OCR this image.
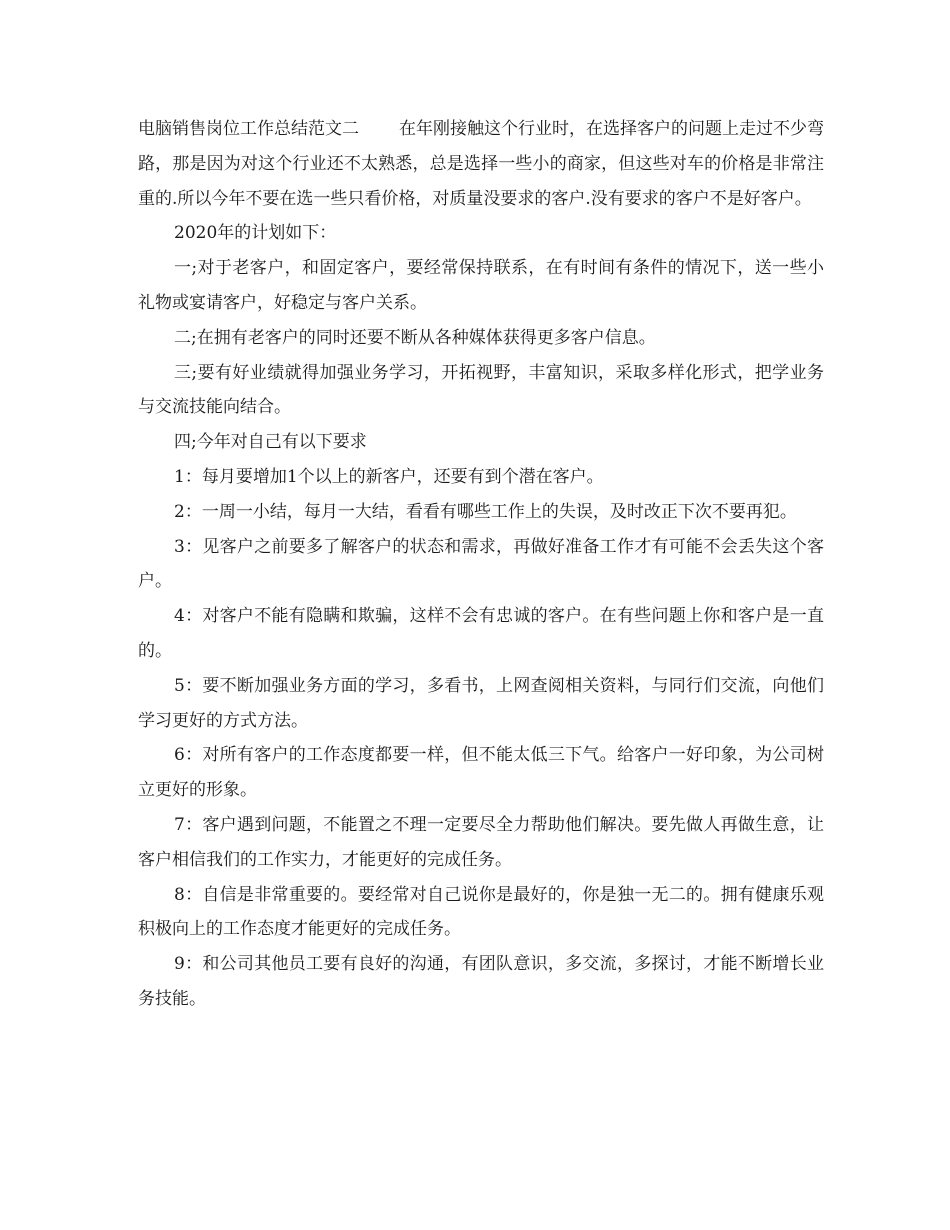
电脑销售岗位工作总结范文二 在年刚接触这个行业时，在选择客户的问题上走过不少弯路，那是因为对这个行业还不太熟悉，总是选择一些小的商家，但这些对车的价格是非常注重的.所以今年不要在选一些只看价格，对质量没要求的客户.没有要求的客户不是好客户。

2020年的计划如下：

一;对于老客户，和固定客户，要经常保持联系，在有时间有条件的情况下，送一些小礼物或宴请客户，好稳定与客户关系。

二;在拥有老客户的同时还要不断从各种媒体获得更多客户信息。

三;要有好业绩就得加强业务学习，开拓视野，丰富知识，采取多样化形式，把学业务与交流技能向结合。

四;今年对自己有以下要求

1：每月要增加1个以上的新客户，还要有到个潜在客户。

2：一周一小结，每月一大结，看看有哪些工作上的失误，及时改正下次不要再犯。

3：见客户之前要多了解客户的状态和需求，再做好准备工作才有可能不会丢失这个客户。

4：对客户不能有隐瞒和欺骗，这样不会有忠诚的客户。在有些问题上你和客户是一直的。

5：要不断加强业务方面的学习，多看书，上网查阅相关资料，与同行们交流，向他们学习更好的方式方法。

6：对所有客户的工作态度都要一样，但不能太低三下气。给客户一好印象，为公司树立更好的形象。

7：客户遇到问题，不能置之不理一定要尽全力帮助他们解决。要先做人再做生意，让客户相信我们的工作实力，才能更好的完成任务。

8：自信是非常重要的。要经常对自己说你是最好的，你是独一无二的。拥有健康乐观积极向上的工作态度才能更好的完成任务。

9：和公司其他员工要有良好的沟通，有团队意识，多交流，多探讨，才能不断增长业务技能。
